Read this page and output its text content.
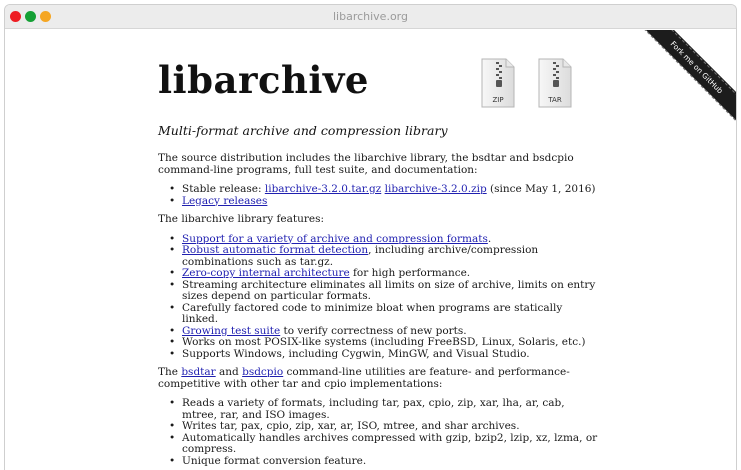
libarchive.org
Fork me on GitHub
libarchive	ZIP	TAR
Multi-format archive and compression library

The source distribution includes the libarchive library, the bsdtar and bsdcpio command-line programs, full test suite, and documentation:

• Stable release: libarchive-3.2.0.tar.gz libarchive-3.2.0.zip (since May 1, 2016)
• Legacy releases

The libarchive library features:

• Support for a variety of archive and compression formats.
• Robust automatic format detection, including archive/compression combinations such as tar.gz.
• Zero-copy internal architecture for high performance.
• Streaming architecture eliminates all limits on size of archive, limits on entry sizes depend on particular formats.
• Carefully factored code to minimize bloat when programs are statically linked.
• Growing test suite to verify correctness of new ports.
• Works on most POSIX-like systems (including FreeBSD, Linux, Solaris, etc.)
• Supports Windows, including Cygwin, MinGW, and Visual Studio.

The bsdtar and bsdcpio command-line utilities are feature- and performance-competitive with other tar and cpio implementations:

• Reads a variety of formats, including tar, pax, cpio, zip, xar, lha, ar, cab, mtree, rar, and ISO images.
• Writes tar, pax, cpio, zip, xar, ar, ISO, mtree, and shar archives.
• Automatically handles archives compressed with gzip, bzip2, lzip, xz, lzma, or compress.
• Unique format conversion feature.
